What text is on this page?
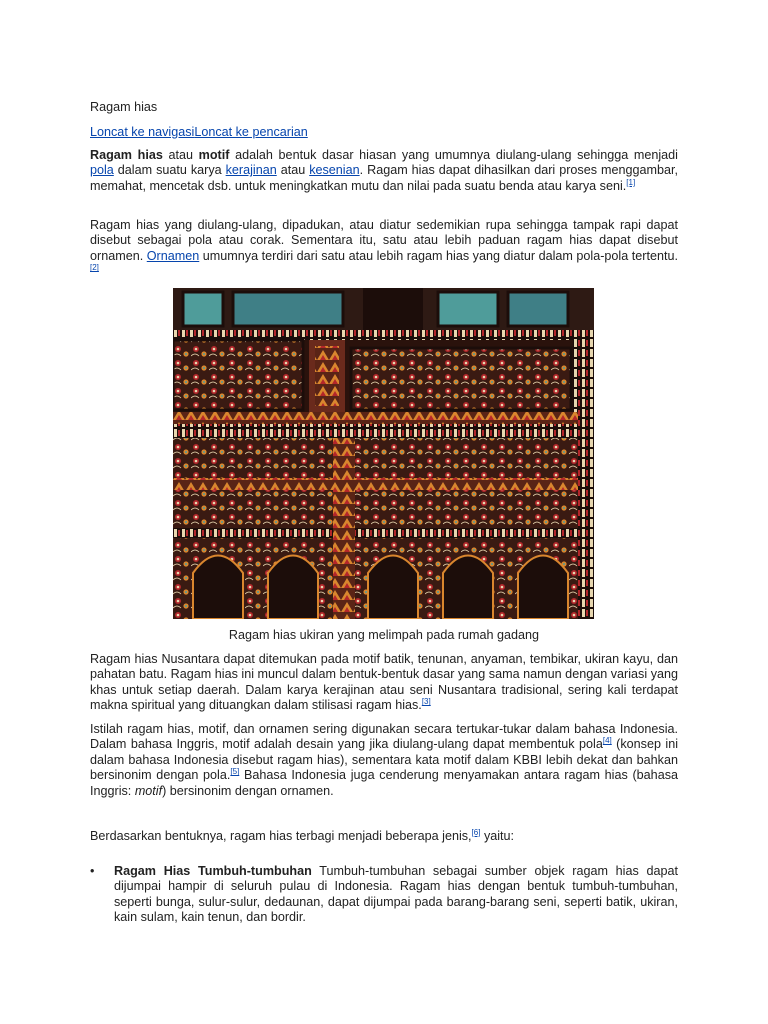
Ragam hias
Loncat ke navigasiLoncat ke pencarian

Ragam hias atau motif adalah bentuk dasar hiasan yang umumnya diulang-ulang sehingga menjadi pola dalam suatu karya kerajinan atau kesenian. Ragam hias dapat dihasilkan dari proses menggambar, memahat, mencetak dsb. untuk meningkatkan mutu dan nilai pada suatu benda atau karya seni.[1]

Ragam hias yang diulang-ulang, dipadukan, atau diatur sedemikian rupa sehingga tampak rapi dapat disebut sebagai pola atau corak. Sementara itu, satu atau lebih paduan ragam hias dapat disebut ornamen. Ornamen umumnya terdiri dari satu atau lebih ragam hias yang diatur dalam pola-pola tertentu.[2]

Ragam hias ukiran yang melimpah pada rumah gadang

Ragam hias Nusantara dapat ditemukan pada motif batik, tenunan, anyaman, tembikar, ukiran kayu, dan pahatan batu. Ragam hias ini muncul dalam bentuk-bentuk dasar yang sama namun dengan variasi yang khas untuk setiap daerah. Dalam karya kerajinan atau seni Nusantara tradisional, sering kali terdapat makna spiritual yang dituangkan dalam stilisasi ragam hias.[3]

Istilah ragam hias, motif, dan ornamen sering digunakan secara tertukar-tukar dalam bahasa Indonesia. Dalam bahasa Inggris, motif adalah desain yang jika diulang-ulang dapat membentuk pola[4] (konsep ini dalam bahasa Indonesia disebut ragam hias), sementara kata motif dalam KBBI lebih dekat dan bahkan bersinonim dengan pola.[5] Bahasa Indonesia juga cenderung menyamakan antara ragam hias (bahasa Inggris: motif) bersinonim dengan ornamen.

Berdasarkan bentuknya, ragam hias terbagi menjadi beberapa jenis,[6] yaitu:

• Ragam Hias Tumbuh-tumbuhan Tumbuh-tumbuhan sebagai sumber objek ragam hias dapat dijumpai hampir di seluruh pulau di Indonesia. Ragam hias dengan bentuk tumbuh-tumbuhan, seperti bunga, sulur-sulur, dedaunan, dapat dijumpai pada barang-barang seni, seperti batik, ukiran, kain sulam, kain tenun, dan bordir.
